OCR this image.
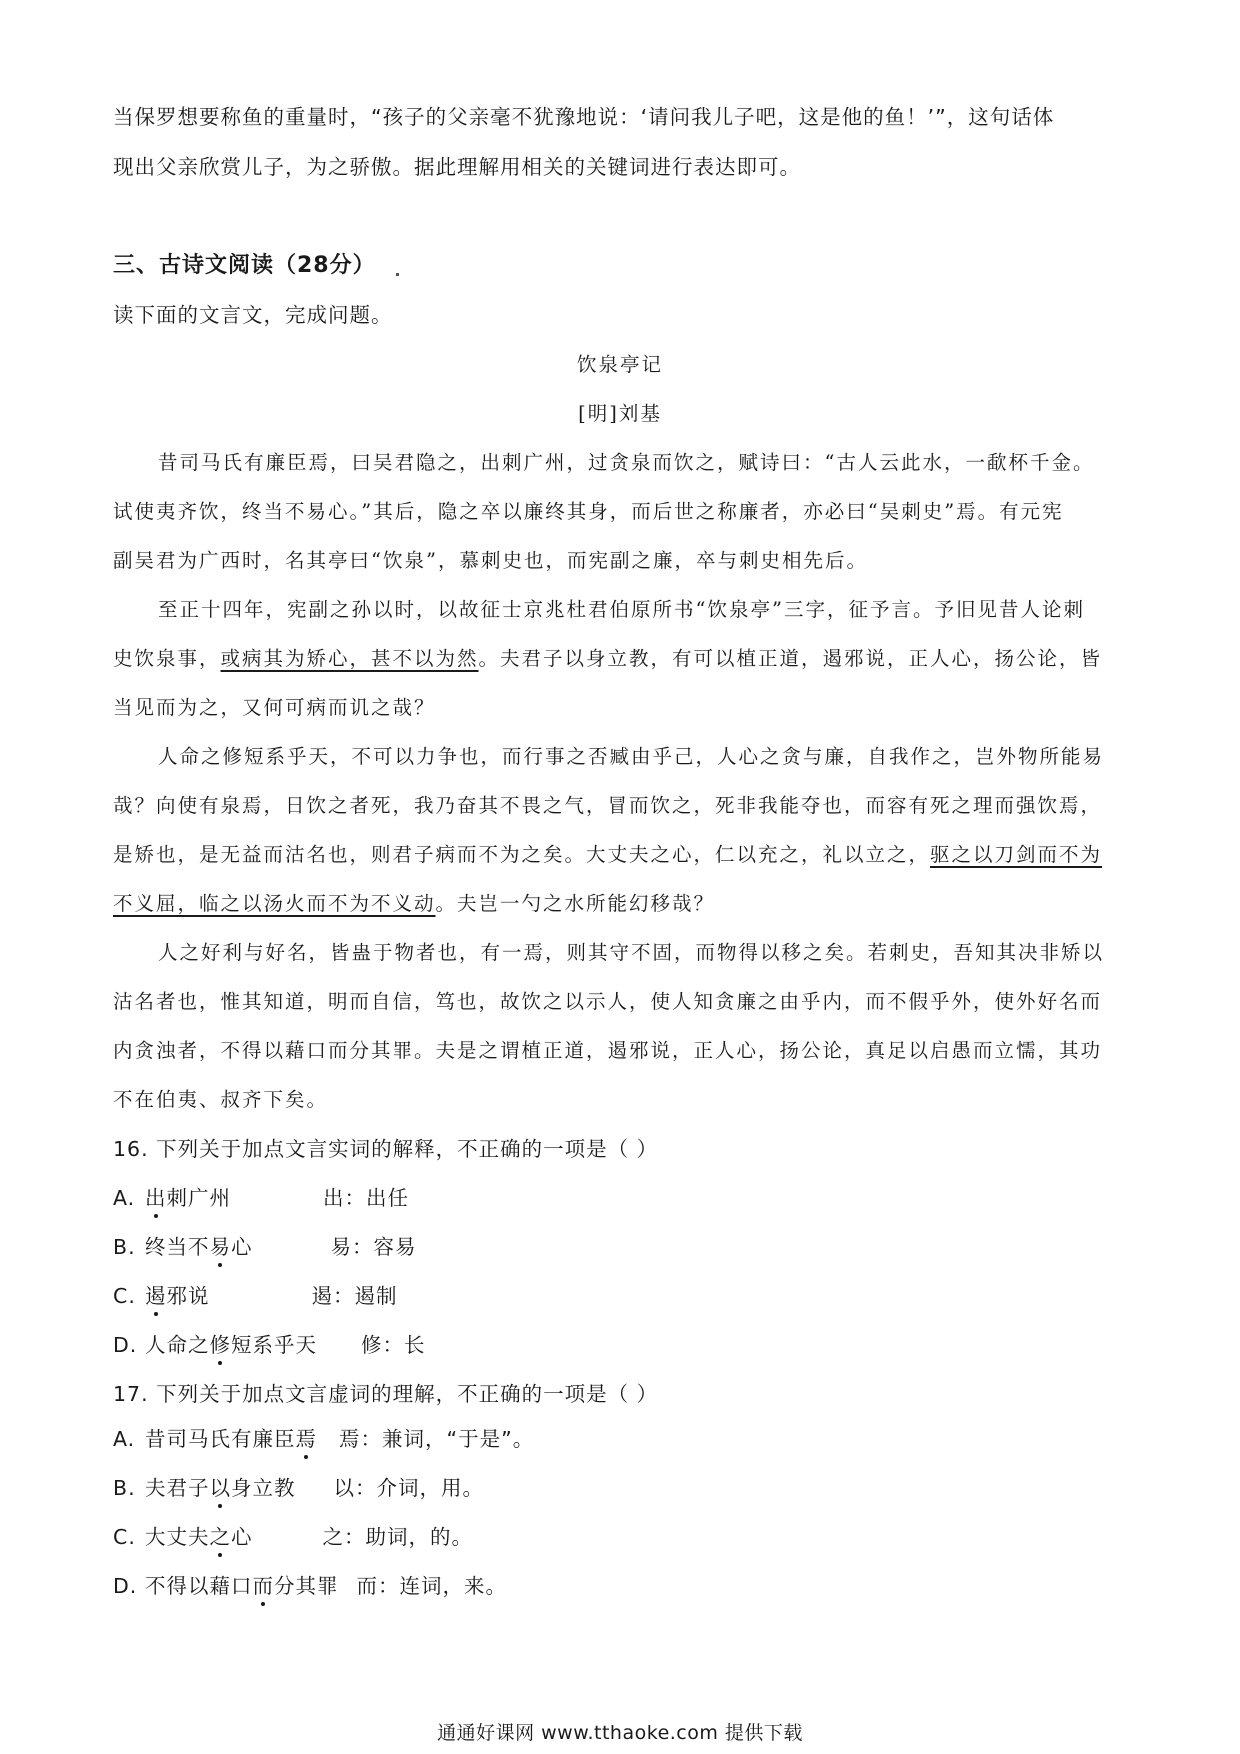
当保罗想要称鱼的重量时，“孩子的父亲毫不犹豫地说：‘请问我儿子吧，这是他的鱼！’”，这句话体
现出父亲欣赏儿子，为之骄傲。据此理解用相关的关键词进行表达即可。
三、古诗文阅读（28分）
读下面的文言文，完成问题。
饮泉亭记
[明]刘基
昔司马氏有廉臣焉，曰吴君隐之，出刺广州，过贪泉而饮之，赋诗曰：“古人云此水，一歃杯千金。
试使夷齐饮，终当不易心。”其后，隐之卒以廉终其身，而后世之称廉者，亦必曰“吴刺史”焉。有元宪
副吴君为广西时，名其亭曰“饮泉”，慕刺史也，而宪副之廉，卒与刺史相先后。
至正十四年，宪副之孙以时，以故征士京兆杜君伯原所书“饮泉亭”三字，征予言。予旧见昔人论刺
史饮泉事，或病其为矫心，甚不以为然。夫君子以身立教，有可以植正道，遏邪说，正人心，扬公论，皆
当见而为之，又何可病而讥之哉？
人命之修短系乎天，不可以力争也，而行事之否臧由乎己，人心之贪与廉，自我作之，岂外物所能易
哉？向使有泉焉，日饮之者死，我乃奋其不畏之气，冒而饮之，死非我能夺也，而容有死之理而强饮焉，
是矫也，是无益而沽名也，则君子病而不为之矣。大丈夫之心，仁以充之，礼以立之，驱之以刀剑而不为
不义屈，临之以汤火而不为不义动。夫岂一勺之水所能幻移哉？
人之好利与好名，皆蛊于物者也，有一焉，则其守不固，而物得以移之矣。若刺史，吾知其决非矫以
沽名者也，惟其知道，明而自信，笃也，故饮之以示人，使人知贪廉之由乎内，而不假乎外，使外好名而
内贪浊者，不得以藉口而分其罪。夫是之谓植正道，遏邪说，正人心，扬公论，真足以启愚而立懦，其功
不在伯夷、叔齐下矣。
16. 下列关于加点文言实词的解释，不正确的一项是（ ）
A. 出刺广州	出：出任
B. 终当不易心	易：容易
C. 遏邪说	遏：遏制
D. 人命之修短系乎天 修：长
17. 下列关于加点文言虚词的理解，不正确的一项是（ ）
A. 昔司马氏有廉臣焉 焉：兼词，“于是”。
B. 夫君子以身立教 以：介词，用。
C. 大丈夫之心	之：助词，的。
D. 不得以藉口而分其罪 而：连词，来。
通通好课网 www.tthaoke.com 提供下载
